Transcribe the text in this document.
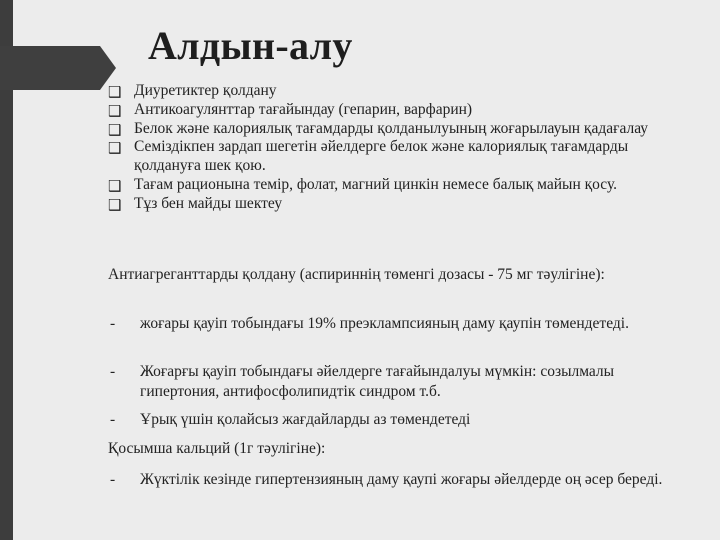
Алдын-алу
❑ Диуретиктер қолдану
❑ Антикоагулянттар тағайындау (гепарин, варфарин)
❑ Белок және калориялық тағамдарды қолданылуының жоғарылауын қадағалау
❑ Семіздікпен зардап шегетін әйелдерге белок және калориялық тағамдарды қолдануға шек қою.
❑ Тағам рационына темір, фолат, магний цинкін немесе балық майын қосу.
❑ Тұз бен майды шектеу
Антиагреганттарды қолдану (аспириннің төменгі дозасы - 75 мг тәулігіне):
- жоғары қауіп тобындағы 19% преэклампсияның даму қаупін төмендетеді.
- Жоғарғы қауіп тобындағы әйелдерге тағайындалуы мүмкін: созылмалы гипертония, антифосфолипидтік синдром т.б.
- Ұрық үшін қолайсыз жағдайларды аз төмендетеді
Қосымша кальций (1г тәулігіне):
- Жүктілік кезінде гипертензияның даму қаупі жоғары әйелдерде оң әсер береді.
